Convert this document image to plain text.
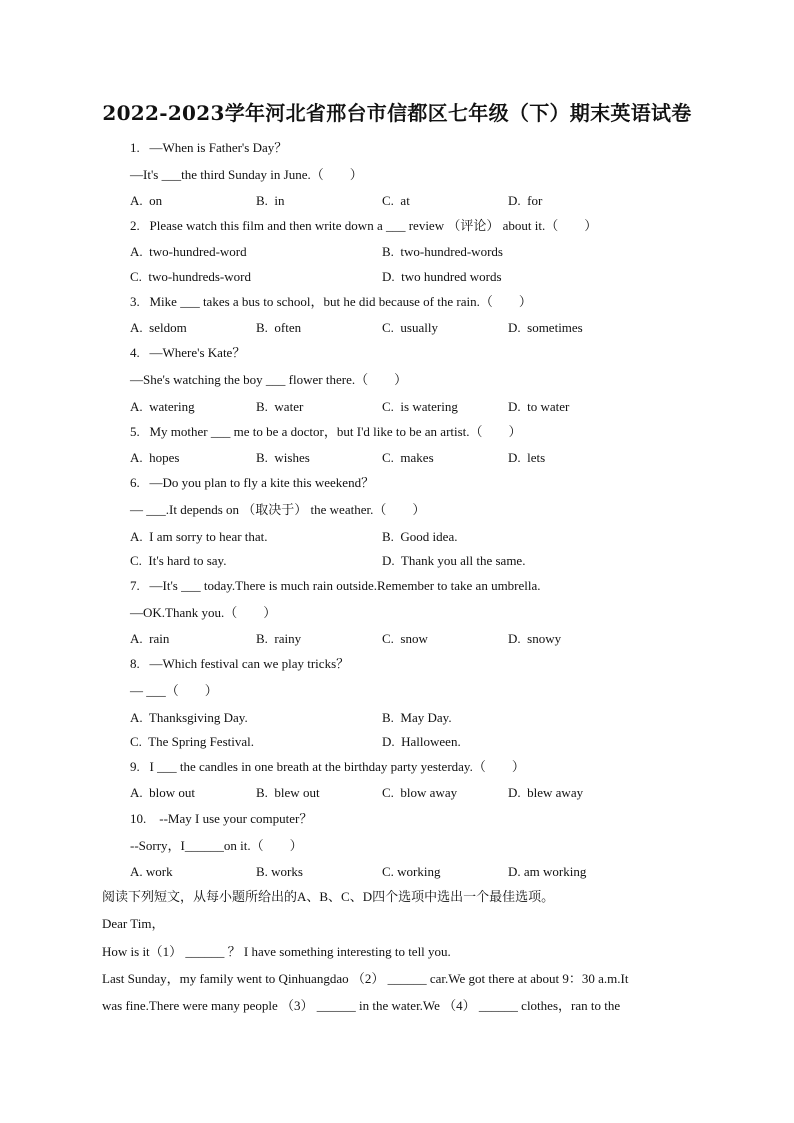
2022-2023学年河北省邢台市信都区七年级（下）期末英语试卷
1.   —When is Father's Day？
—It's ___the third Sunday in June.（        ）
A.  on	B.  in	C.  at	D.  for
2.   Please watch this film and then write down a ___ review （评论） about it.（        ）
A.  two-hundred-word	B.  two-hundred-words
C.  two-hundreds-word	D.  two hundred words
3.   Mike ___ takes a bus to school，but he did because of the rain.（        ）
A.  seldom	B.  often	C.  usually	D.  sometimes
4.   —Where's Kate？
—She's watching the boy ___ flower there.（        ）
A.  watering	B.  water	C.  is watering	D.  to water
5.   My mother ___ me to be a doctor，but I'd like to be an artist.（        ）
A.  hopes	B.  wishes	C.  makes	D.  lets
6.   —Do you plan to fly a kite this weekend？
— ___.It depends on （取决于） the weather.（        ）
A.  I am sorry to hear that.	B.  Good idea.
C.  It's hard to say.	D.  Thank you all the same.
7.   —It's ___ today.There is much rain outside.Remember to take an umbrella.
—OK.Thank you.（        ）
A.  rain	B.  rainy	C.  snow	D.  snowy
8.   —Which festival can we play tricks？
— ___（        ）
A.  Thanksgiving Day.	B.  May Day.
C.  The Spring Festival.	D.  Halloween.
9.   I ___ the candles in one breath at the birthday party yesterday.（        ）
A.  blow out	B.  blew out	C.  blow away	D.  blew away
10.    --May I use your computer？
--Sorry，I______on it.（        ）
A. work	B. works	C. working	D. am working
阅读下列短文，从每小题所给出的A、B、C、D四个选项中选出一个最佳选项。
Dear Tim，
How is it（1） ______ ？ I have something interesting to tell you.
Last Sunday，my family went to Qinhuangdao （2） ______ car.We got there at about 9：30 a.m.It
was fine.There were many people （3） ______ in the water.We （4） ______ clothes，ran to the
